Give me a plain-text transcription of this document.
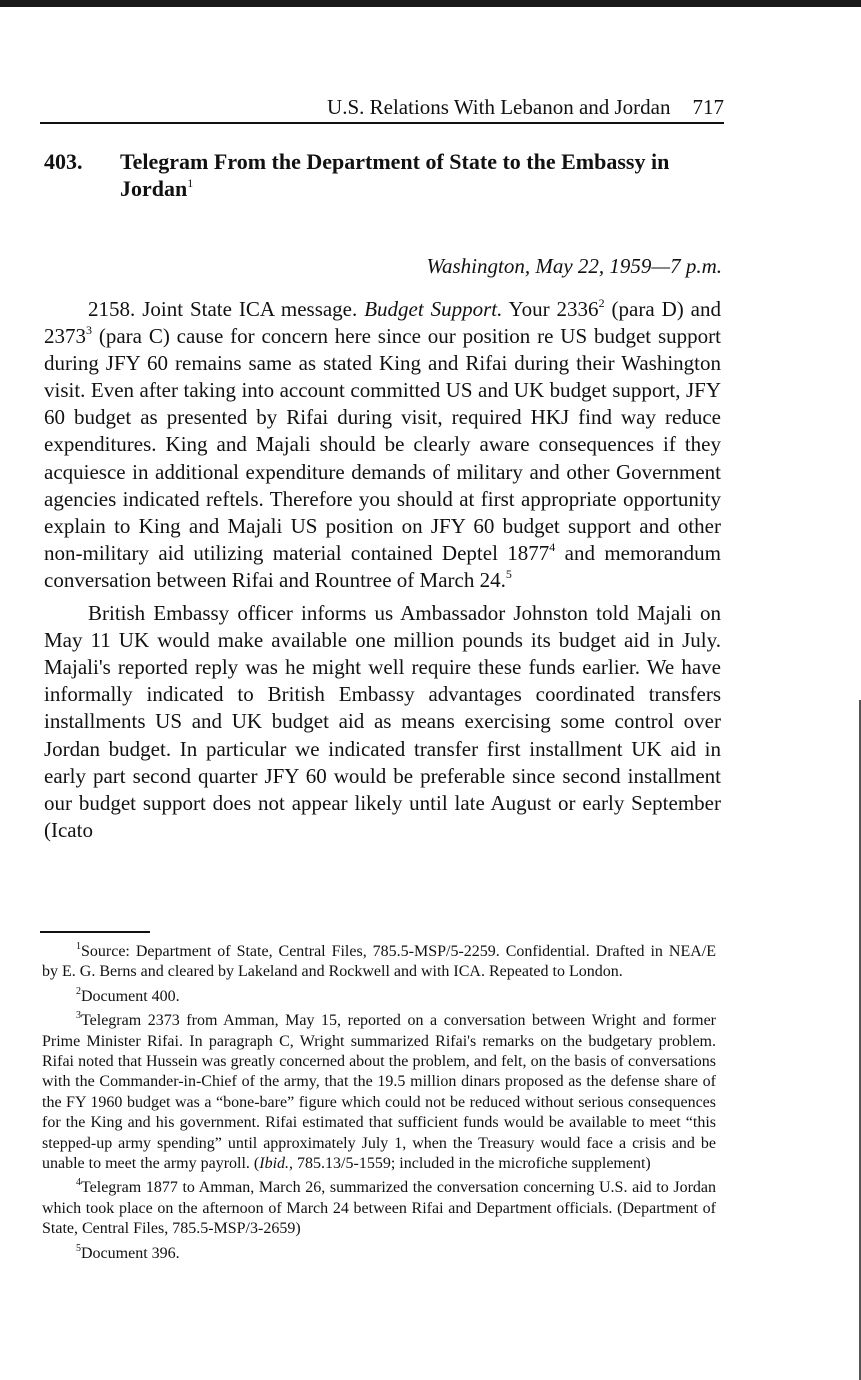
U.S. Relations With Lebanon and Jordan 717
403. Telegram From the Department of State to the Embassy in Jordan$^1$
Washington, May 22, 1959—7 p.m.

2158. Joint State ICA message. Budget Support. Your 2336$^2$ (para D) and 2373$^3$ (para C) cause for concern here since our position re US budget support during JFY 60 remains same as stated King and Rifai during their Washington visit. Even after taking into account committed US and UK budget support, JFY 60 budget as presented by Rifai during visit, required HKJ find way reduce expenditures. King and Majali should be clearly aware consequences if they acquiesce in additional expenditure demands of military and other Government agencies indicated reftels. Therefore you should at first appropriate opportunity explain to King and Majali US position on JFY 60 budget support and other non-military aid utilizing material contained Deptel 1877$^4$ and memorandum conversation between Rifai and Rountree of March 24.$^5$

British Embassy officer informs us Ambassador Johnston told Majali on May 11 UK would make available one million pounds its budget aid in July. Majali's reported reply was he might well require these funds earlier. We have informally indicated to British Embassy advantages coordinated transfers installments US and UK budget aid as means exercising some control over Jordan budget. In particular we indicated transfer first installment UK aid in early part second quarter JFY 60 would be preferable since second installment our budget support does not appear likely until late August or early September (Icato

$^1$Source: Department of State, Central Files, 785.5-MSP/5-2259. Confidential. Drafted in NEA/E by E. G. Berns and cleared by Lakeland and Rockwell and with ICA. Repeated to London.

$^2$Document 400.

$^3$Telegram 2373 from Amman, May 15, reported on a conversation between Wright and former Prime Minister Rifai. In paragraph C, Wright summarized Rifai's remarks on the budgetary problem. Rifai noted that Hussein was greatly concerned about the problem, and felt, on the basis of conversations with the Commander-in-Chief of the army, that the 19.5 million dinars proposed as the defense share of the FY 1960 budget was a “bone-bare” figure which could not be reduced without serious consequences for the King and his government. Rifai estimated that sufficient funds would be available to meet “this stepped-up army spending” until approximately July 1, when the Treasury would face a crisis and be unable to meet the army payroll. (Ibid., 785.13/5-1559; included in the microfiche supplement)

$^4$Telegram 1877 to Amman, March 26, summarized the conversation concerning U.S. aid to Jordan which took place on the afternoon of March 24 between Rifai and Department officials. (Department of State, Central Files, 785.5-MSP/3-2659)

$^5$Document 396.
